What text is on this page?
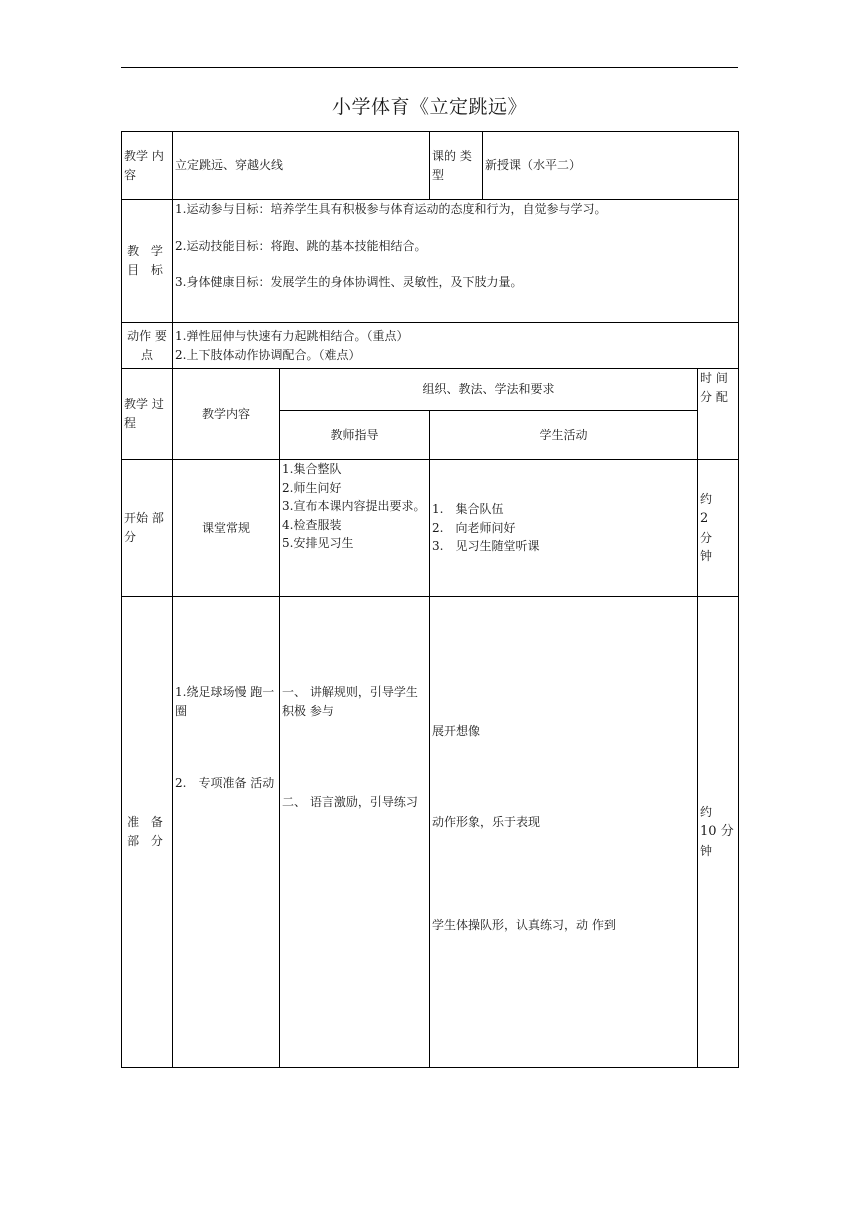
小学体育《立定跳远》
教学 内容	立定跳远、穿越火线		课的 类型	新授课（水平二）	
教 学 目 标	1.运动参与目标：培养学生具有积极参与体育运动的态度和行为，自觉参与学习。
2.运动技能目标：将跑、跳的基本技能相结合。
3.身体健康目标：发展学生的身体协调性、灵敏性，及下肢力量。				

动作 要点	1.弹性屈伸与快速有力起跳相结合。（重点）
2.上下肢体动作协调配合。（难点）				

教学 过程	教学内容	组织、教法、学法和要求			时 间分 配
		教师指导	学生活动		
开始 部分	课堂常规	1.集合整队
2.师生问好
3.宣布本课内容提出要求。
4.检查服装
5.安排见习生	1.　集合队伍
2.　向老师问好
3.　见习生随堂听课		约
2
分
钟

准 备 部 分	1.绕足球场慢 跑一圈
2.　专项准备 活动	一、 讲解规则，引导学生积极 参与
二、 语言激励，引导练习	展开想像
动作形象，乐于表现
学生体操队形，认真练习，动 作到		约
10 分
钟
